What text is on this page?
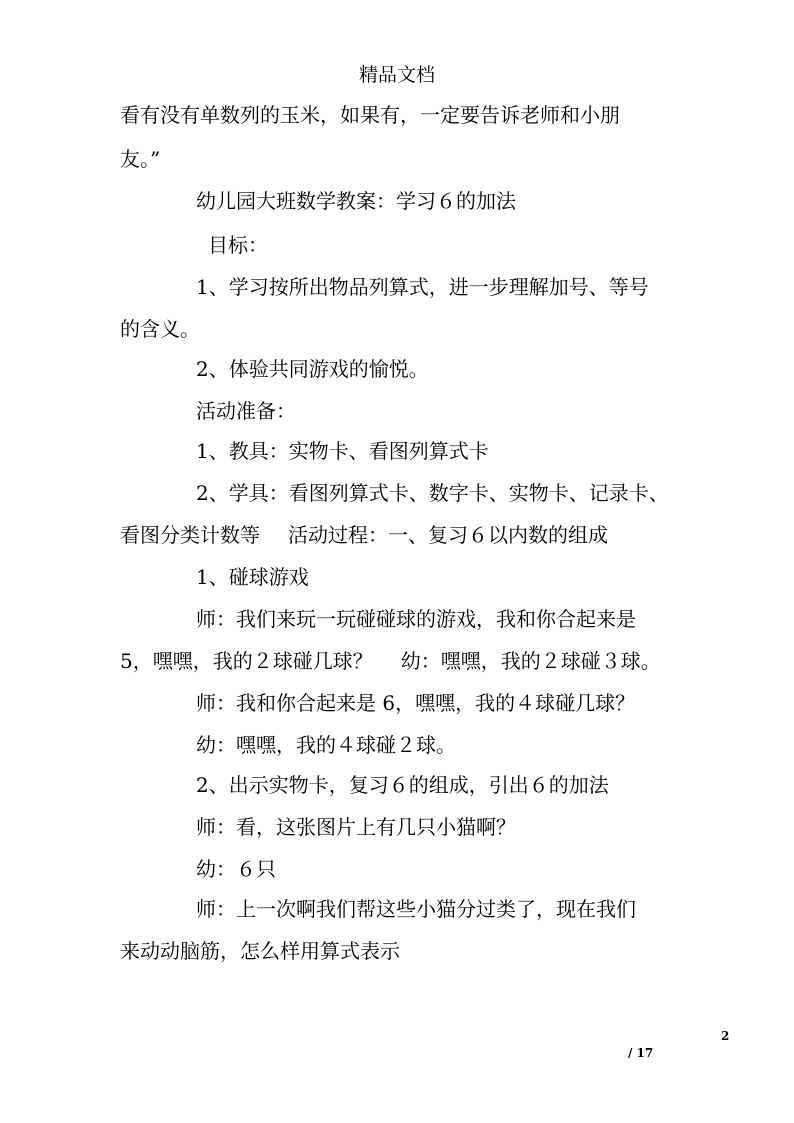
精品文档
看有没有单数列的玉米，如果有，一定要告诉老师和小朋
友。”
幼儿园大班数学教案：学习６的加法
目标：
1、学习按所出物品列算式，进一步理解加号、等号
的含义。
2、体验共同游戏的愉悦。
活动准备：
1、教具：实物卡、看图列算式卡
2、学具：看图列算式卡、数字卡、实物卡、记录卡、
看图分类计数等 活动过程：一、复习６以内数的组成
1、碰球游戏
师：我们来玩一玩碰碰球的游戏，我和你合起来是
5，嘿嘿，我的２球碰几球？ 幼：嘿嘿，我的２球碰３球。
师：我和你合起来是 6，嘿嘿，我的４球碰几球？
幼：嘿嘿，我的４球碰２球。
2、出示实物卡，复习６的组成，引出６的加法
师：看，这张图片上有几只小猫啊？
幼：６只
师：上一次啊我们帮这些小猫分过类了，现在我们
来动动脑筋，怎么样用算式表示
2
/ 17
